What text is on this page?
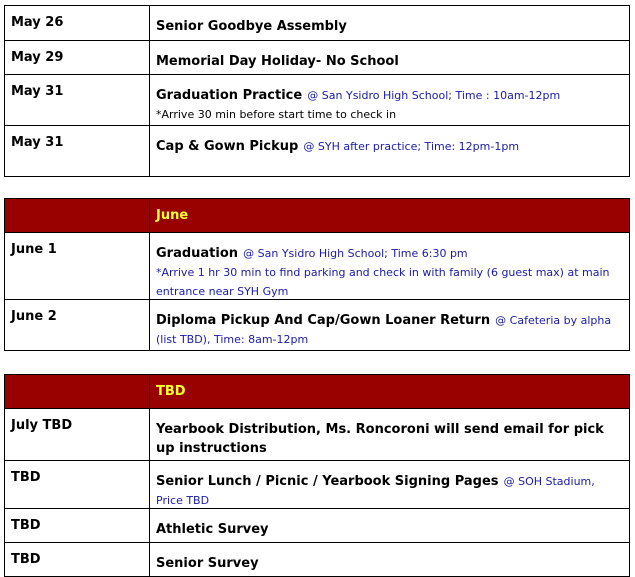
May 26	Senior Goodbye Assembly
May 29	Memorial Day Holiday- No School
May 31	Graduation Practice @ San Ysidro High School; Time : 10am-12pm
*Arrive 30 min before start time to check in
May 31	Cap & Gown Pickup @ SYH after practice; Time: 12pm-1pm
	June
June 1	Graduation @ San Ysidro High School; Time 6:30 pm
*Arrive 1 hr 30 min to find parking and check in with family (6 guest max) at main entrance near SYH Gym
June 2	Diploma Pickup And Cap/Gown Loaner Return @ Cafeteria by alpha (list TBD), Time: 8am-12pm
	TBD
July TBD	Yearbook Distribution, Ms. Roncoroni will send email for pick up instructions
TBD	Senior Lunch / Picnic / Yearbook Signing Pages @ SOH Stadium, Price TBD
TBD	Athletic Survey
TBD	Senior Survey
